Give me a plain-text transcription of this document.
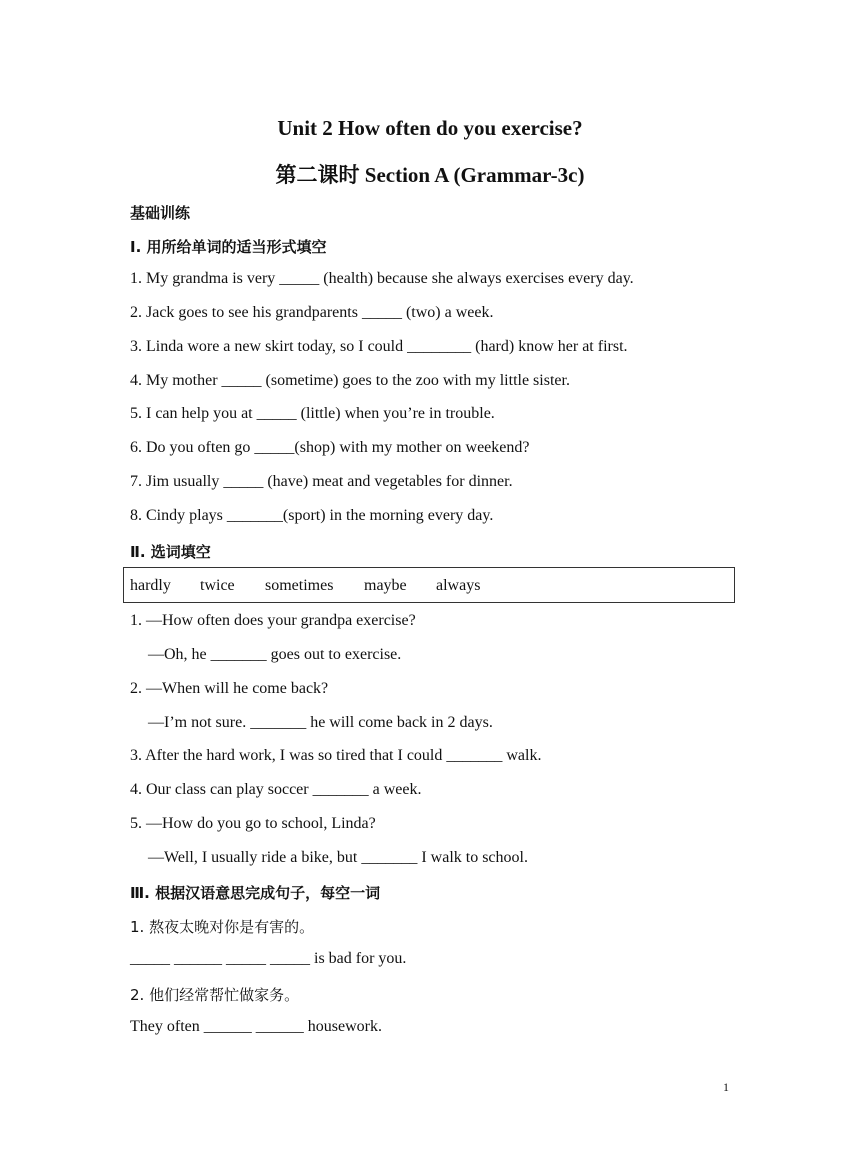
Unit 2 How often do you exercise?
第二课时 Section A (Grammar-3c)
基础训练
Ⅰ. 用所给单词的适当形式填空
1. My grandma is very _____ (health) because she always exercises every day.
2. Jack goes to see his grandparents _____ (two) a week.
3. Linda wore a new skirt today, so I could ________ (hard) know her at first.
4. My mother _____ (sometime) goes to the zoo with my little sister.
5. I can help you at _____ (little) when you’re in trouble.
6. Do you often go _____(shop) with my mother on weekend?
7. Jim usually _____ (have) meat and vegetables for dinner.
8. Cindy plays _______(sport) in the morning every day.
Ⅱ. 选词填空
hardly twice sometimes maybe always
1. —How often does your grandpa exercise?
—Oh, he _______ goes out to exercise.
2. —When will he come back?
—I’m not sure. _______ he will come back in 2 days.
3. After the hard work, I was so tired that I could _______ walk.
4. Our class can play soccer _______ a week.
5. —How do you go to school, Linda?
—Well, I usually ride a bike, but _______ I walk to school.
Ⅲ. 根据汉语意思完成句子，每空一词
1. 熬夜太晚对你是有害的。
_____ ______ _____ _____ is bad for you.
2. 他们经常帮忙做家务。
They often ______ ______ housework.
1
